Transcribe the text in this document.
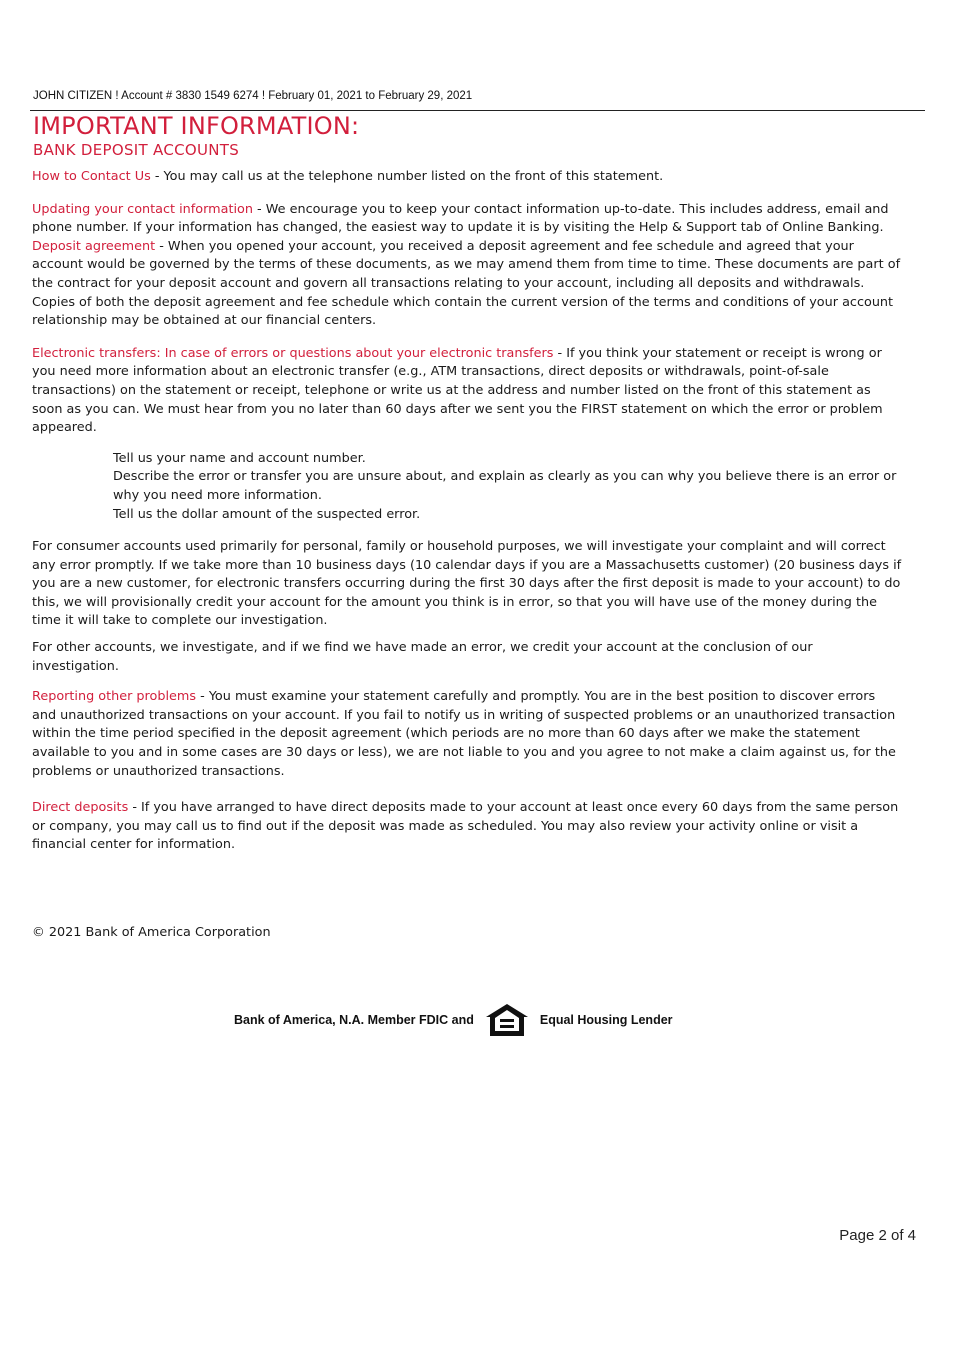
JOHN CITIZEN ! Account # 3830 1549 6274 ! February 01, 2021 to February 29, 2021
IMPORTANT INFORMATION:
BANK DEPOSIT ACCOUNTS

How to Contact Us - You may call us at the telephone number listed on the front of this statement.

Updating your contact information - We encourage you to keep your contact information up-to-date. This includes address, email and phone number. If your information has changed, the easiest way to update it is by visiting the Help & Support tab of Online Banking.

Deposit agreement - When you opened your account, you received a deposit agreement and fee schedule and agreed that your account would be governed by the terms of these documents, as we may amend them from time to time. These documents are part of the contract for your deposit account and govern all transactions relating to your account, including all deposits and withdrawals. Copies of both the deposit agreement and fee schedule which contain the current version of the terms and conditions of your account relationship may be obtained at our financial centers.

Electronic transfers: In case of errors or questions about your electronic transfers - If you think your statement or receipt is wrong or you need more information about an electronic transfer (e.g., ATM transactions, direct deposits or withdrawals, point-of-sale transactions) on the statement or receipt, telephone or write us at the address and number listed on the front of this statement as soon as you can. We must hear from you no later than 60 days after we sent you the FIRST statement on which the error or problem appeared.

Tell us your name and account number.
Describe the error or transfer you are unsure about, and explain as clearly as you can why you believe there is an error or why you need more information.
Tell us the dollar amount of the suspected error.

For consumer accounts used primarily for personal, family or household purposes, we will investigate your complaint and will correct any error promptly. If we take more than 10 business days (10 calendar days if you are a Massachusetts customer) (20 business days if you are a new customer, for electronic transfers occurring during the first 30 days after the first deposit is made to your account) to do this, we will provisionally credit your account for the amount you think is in error, so that you will have use of the money during the time it will take to complete our investigation.

For other accounts, we investigate, and if we find we have made an error, we credit your account at the conclusion of our investigation.

Reporting other problems - You must examine your statement carefully and promptly. You are in the best position to discover errors and unauthorized transactions on your account. If you fail to notify us in writing of suspected problems or an unauthorized transaction within the time period specified in the deposit agreement (which periods are no more than 60 days after we make the statement available to you and in some cases are 30 days or less), we are not liable to you and you agree to not make a claim against us, for the problems or unauthorized transactions.

Direct deposits - If you have arranged to have direct deposits made to your account at least once every 60 days from the same person or company, you may call us to find out if the deposit was made as scheduled. You may also review your activity online or visit a financial center for information.

© 2021 Bank of America Corporation
Bank of America, N.A. Member FDIC and	Equal Housing Lender
Page 2 of 4
